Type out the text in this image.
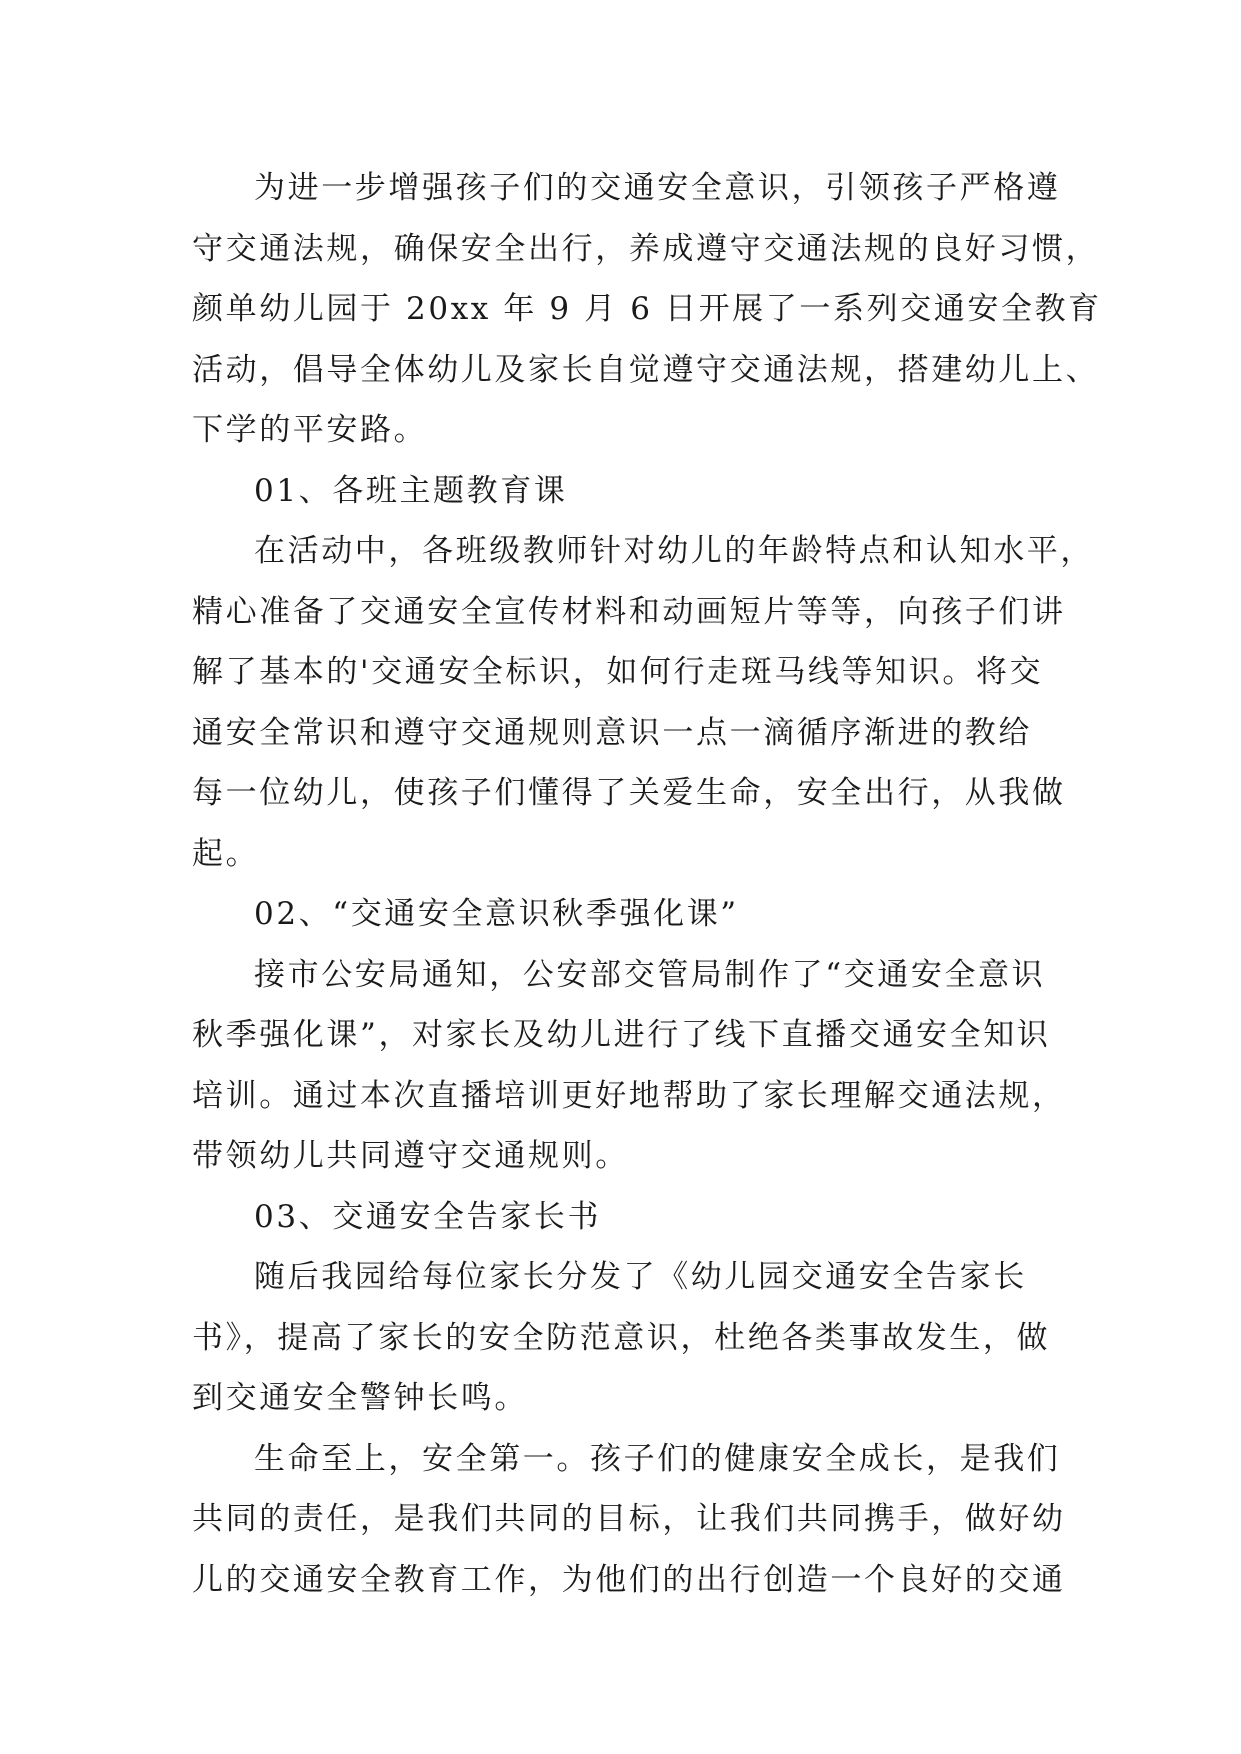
为进一步增强孩子们的交通安全意识，引领孩子严格遵
守交通法规，确保安全出行，养成遵守交通法规的良好习惯，
颜单幼儿园于 20xx 年 9 月 6 日开展了一系列交通安全教育
活动，倡导全体幼儿及家长自觉遵守交通法规，搭建幼儿上、
下学的平安路。
01、各班主题教育课
在活动中，各班级教师针对幼儿的年龄特点和认知水平，
精心准备了交通安全宣传材料和动画短片等等，向孩子们讲
解了基本的'交通安全标识，如何行走斑马线等知识。将交
通安全常识和遵守交通规则意识一点一滴循序渐进的教给
每一位幼儿，使孩子们懂得了关爱生命，安全出行，从我做
起。
02、“交通安全意识秋季强化课”
接市公安局通知，公安部交管局制作了“交通安全意识
秋季强化课”，对家长及幼儿进行了线下直播交通安全知识
培训。通过本次直播培训更好地帮助了家长理解交通法规，
带领幼儿共同遵守交通规则。
03、交通安全告家长书
随后我园给每位家长分发了《幼儿园交通安全告家长
书》，提高了家长的安全防范意识，杜绝各类事故发生，做
到交通安全警钟长鸣。
生命至上，安全第一。孩子们的健康安全成长，是我们
共同的责任，是我们共同的目标，让我们共同携手，做好幼
儿的交通安全教育工作，为他们的出行创造一个良好的交通
